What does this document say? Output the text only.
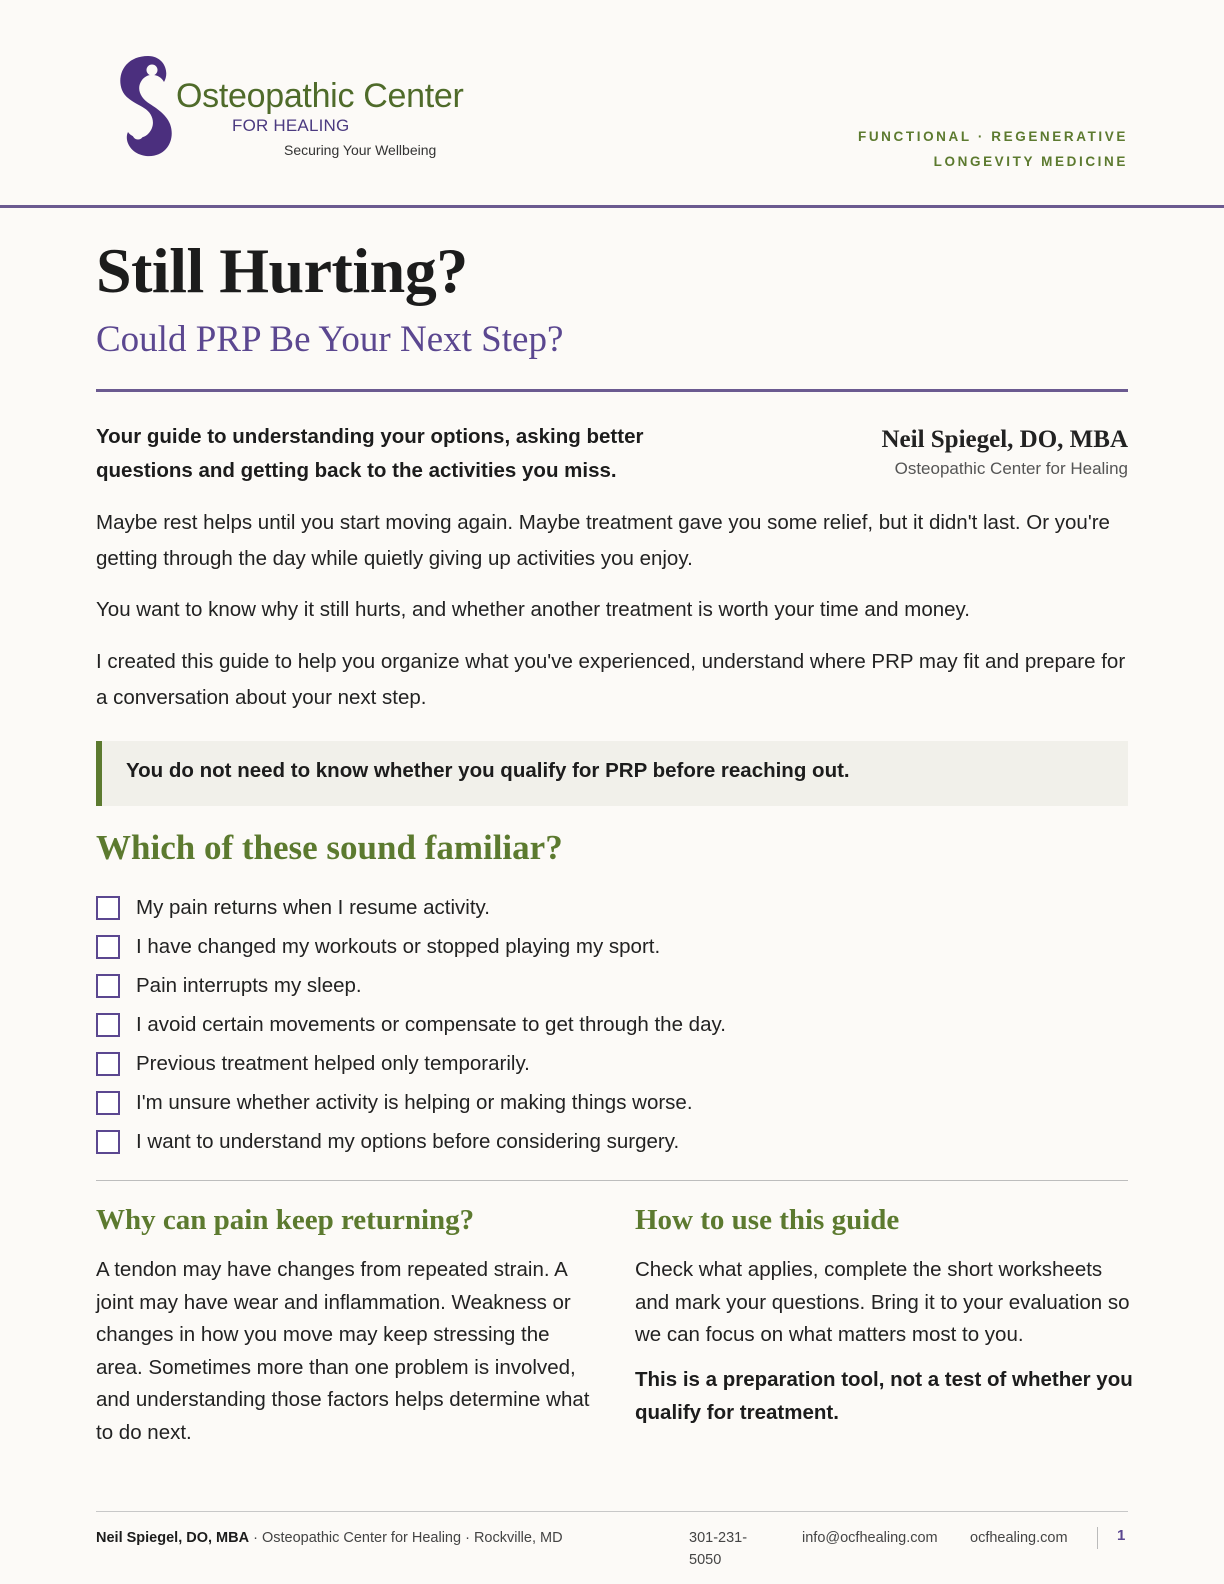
Osteopathic Center
FOR HEALING
Securing Your Wellbeing
FUNCTIONAL · REGENERATIVE
LONGEVITY MEDICINE
Still Hurting?
Could PRP Be Your Next Step?
Your guide to understanding your options, asking better questions and getting back to the activities you miss.
Neil Spiegel, DO, MBA
Osteopathic Center for Healing

Maybe rest helps until you start moving again. Maybe treatment gave you some relief, but it didn't last. Or you're getting through the day while quietly giving up activities you enjoy.

You want to know why it still hurts, and whether another treatment is worth your time and money.

I created this guide to help you organize what you've experienced, understand where PRP may fit and prepare for a conversation about your next step.

You do not need to know whether you qualify for PRP before reaching out.
Which of these sound familiar?
My pain returns when I resume activity.
I have changed my workouts or stopped playing my sport.
Pain interrupts my sleep.
I avoid certain movements or compensate to get through the day.
Previous treatment helped only temporarily.
I'm unsure whether activity is helping or making things worse.
I want to understand my options before considering surgery.
Why can pain keep returning?

A tendon may have changes from repeated strain. A joint may have wear and inflammation. Weakness or changes in how you move may keep stressing the area. Sometimes more than one problem is involved, and understanding those factors helps determine what to do next.

How to use this guide

Check what applies, complete the short worksheets and mark your questions. Bring it to your evaluation so we can focus on what matters most to you.

This is a preparation tool, not a test of whether you qualify for treatment.

Neil Spiegel, DO, MBA · Osteopathic Center for Healing · Rockville, MD	301-231-
5050
info@ocfhealing.com ocfhealing.com	1
